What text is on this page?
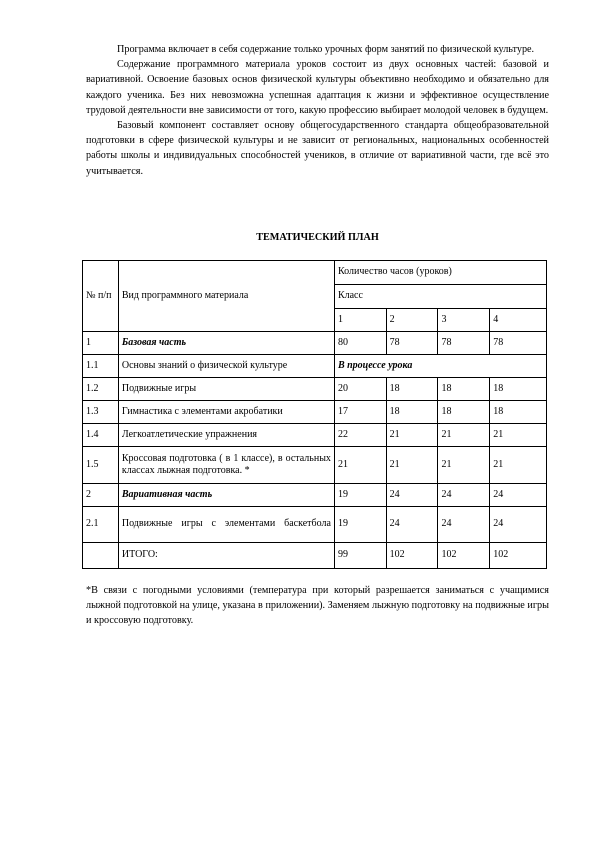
Программа включает в себя содержание только урочных форм занятий по физической культуре.

Содержание программного материала уроков состоит из двух основных частей: базовой и вариативной. Освоение базовых основ физической культуры объективно необходимо и обязательно для каждого ученика. Без них невозможна успешная адаптация к жизни и эффективное осуществление трудовой деятельности вне зависимости от того, какую профессию выбирает молодой человек в будущем.

Базовый компонент составляет основу общегосударственного стандарта общеобразовательной подготовки в сфере физической культуры и не зависит от региональных, национальных особенностей работы школы и индивидуальных способностей учеников, в отличие от вариативной части, где всё это учитывается.

ТЕМАТИЧЕСКИЙ ПЛАН
№ п/п	Вид программного материала	Количество часов (уроков)			
		Класс			
		1	2	3	4
1	Базовая часть	80	78	78	78
1.1	Основы знаний о физической культуре	В процессе урока			
1.2	Подвижные игры	20	18	18	18
1.3	Гимнастика с элементами акробатики	17	18	18	18
1.4	Легкоатлетические упражнения	22	21	21	21
1.5	Кроссовая подготовка ( в 1 классе), в остальных классах лыжная подготовка. *	21	21	21	21
2	Вариативная часть	19	24	24	24
2.1	Подвижные игры с элементами баскетбола	19	24	24	24
	ИТОГО:	99	102	102	102

*В связи с погодными условиями (температура при который разрешается заниматься с учащимися лыжной подготовкой на улице, указана в приложении). Заменяем лыжную подготовку на подвижные игры и кроссовую подготовку.
